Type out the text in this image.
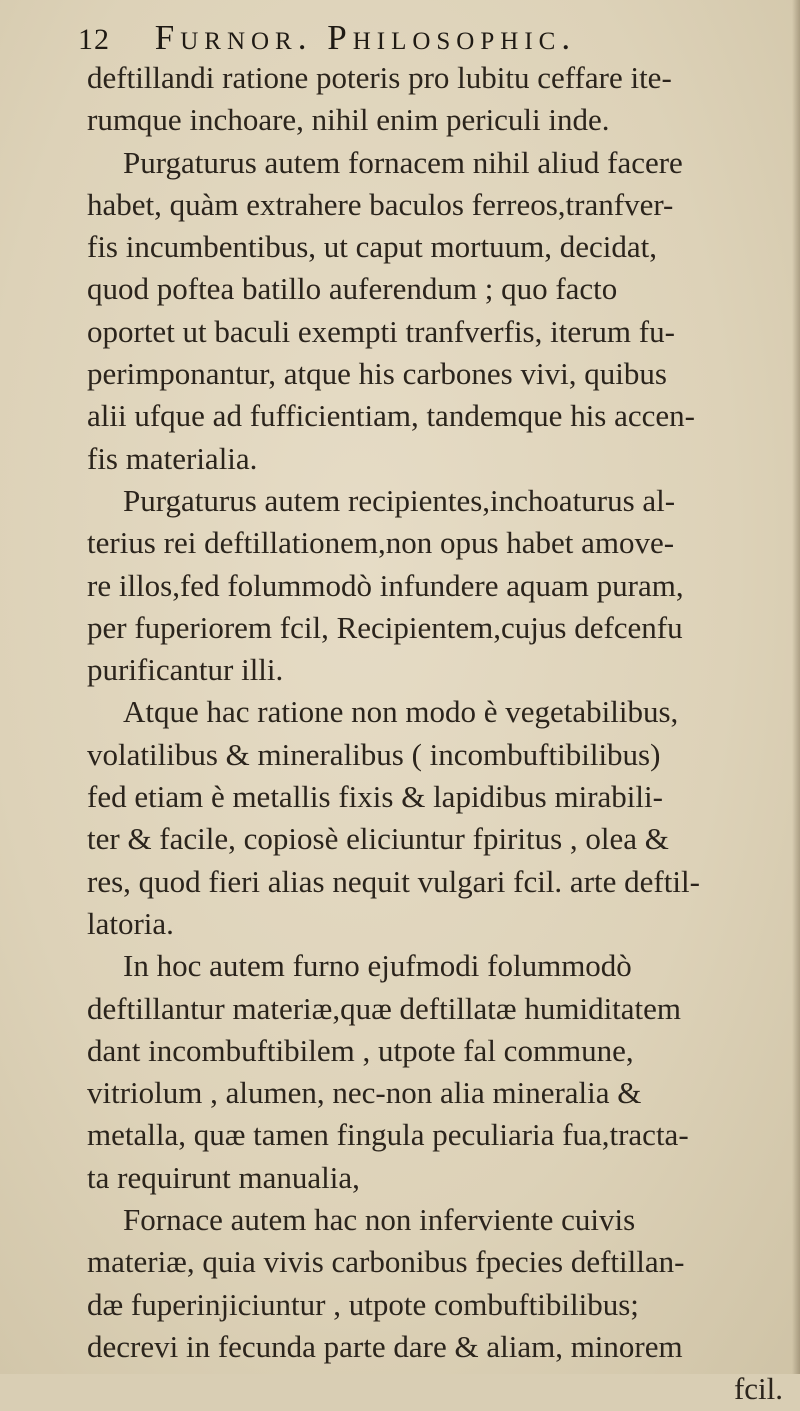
12 Furnor. Philosophic.
deftillandi ratione poteris pro lubitu ceffare ite-
rumque inchoare, nihil enim periculi inde.
Purgaturus autem fornacem nihil aliud facere
habet, quàm extrahere baculos ferreos,tranfver-
fis incumbentibus, ut caput mortuum, decidat,
quod poftea batillo auferendum ; quo facto
oportet ut baculi exempti tranfverfis, iterum fu-
perimponantur, atque his carbones vivi, quibus
alii ufque ad fufficientiam, tandemque his accen-
fis materialia.
Purgaturus autem recipientes,inchoaturus al-
terius rei deftillationem,non opus habet amove-
re illos,fed folummodò infundere aquam puram,
per fuperiorem fcil, Recipientem,cujus defcenfu
purificantur illi.
Atque hac ratione non modo è vegetabilibus,
volatilibus & mineralibus ( incombuftibilibus)
fed etiam è metallis fixis & lapidibus mirabili-
ter & facile, copiosè eliciuntur fpiritus , olea &
res, quod fieri alias nequit vulgari fcil. arte deftil-
latoria.
In hoc autem furno ejufmodi folummodò
deftillantur materiæ,quæ deftillatæ humiditatem
dant incombuftibilem , utpote fal commune,
vitriolum , alumen, nec-non alia mineralia &
metalla, quæ tamen fingula peculiaria fua,tracta-
ta requirunt manualia,
Fornace autem hac non inferviente cuivis
materiæ, quia vivis carbonibus fpecies deftillan-
dæ fuperinjiciuntur , utpote combuftibilibus;
decrevi in fecunda parte dare & aliam, minorem
fcil.
